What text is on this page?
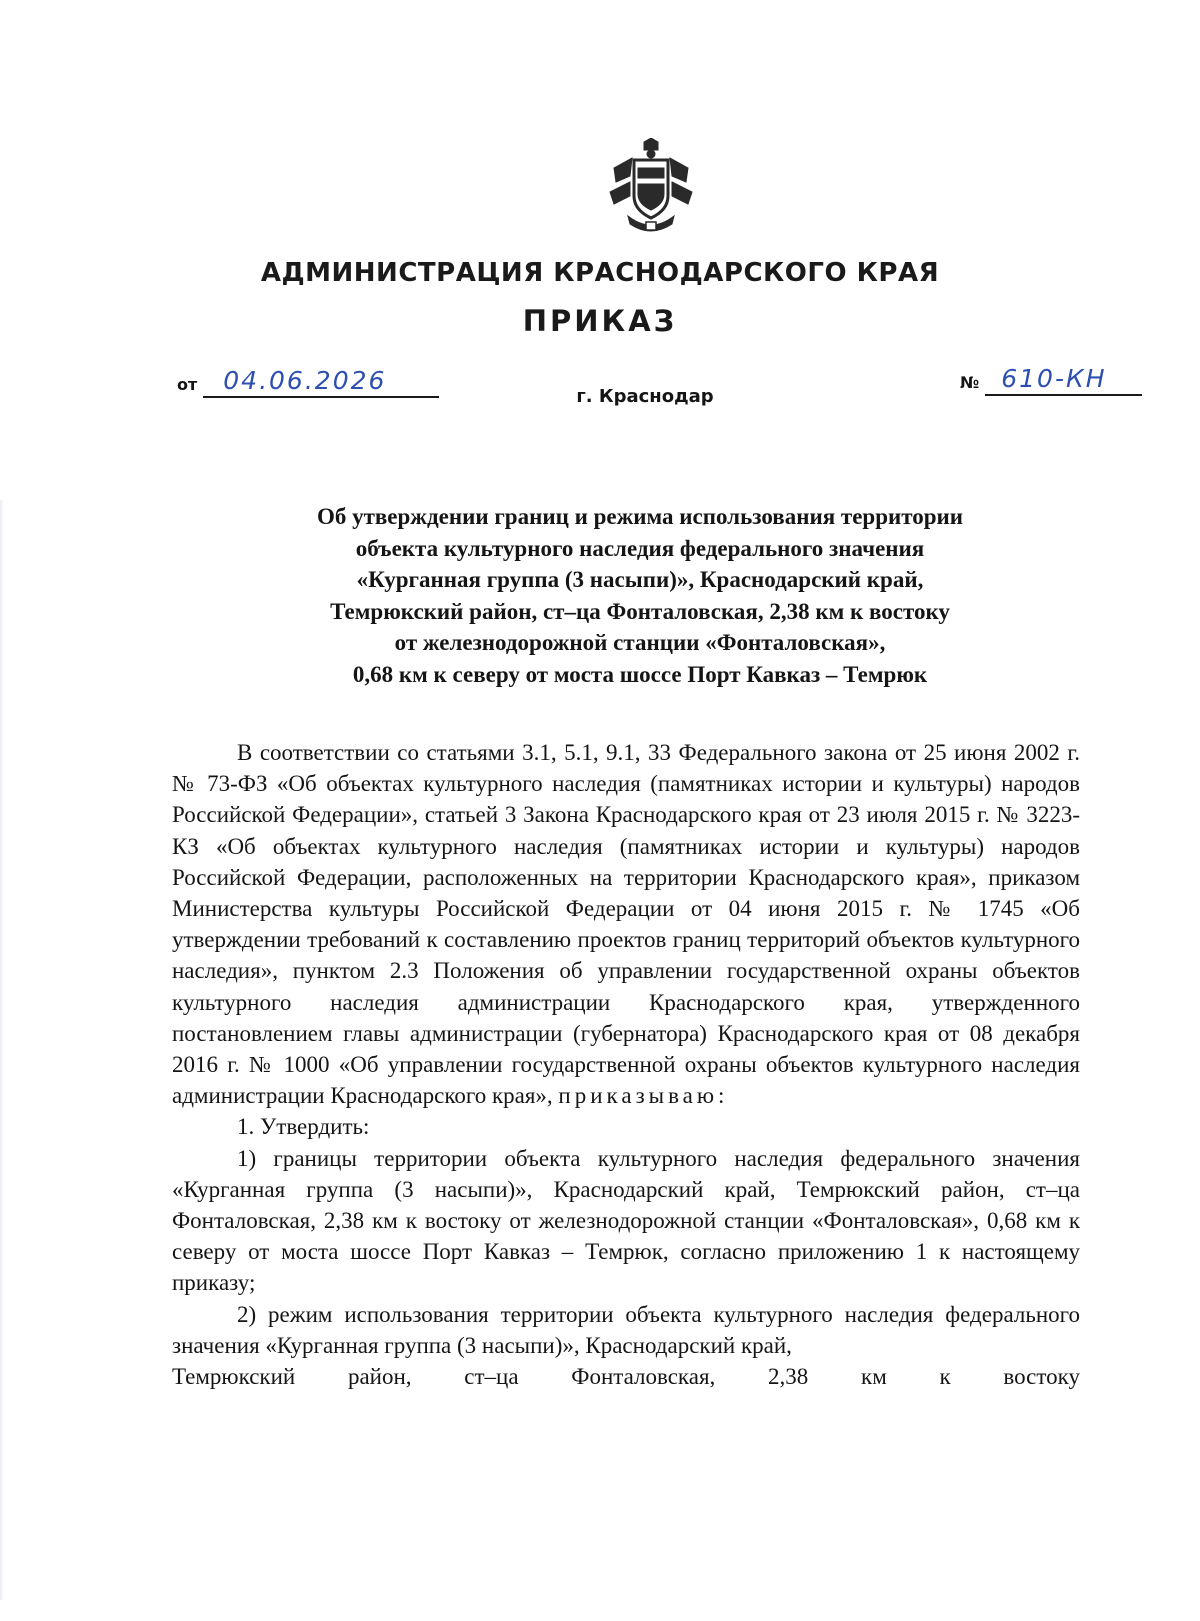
АДМИНИСТРАЦИЯ КРАСНОДАРСКОГО КРАЯ
ПРИКАЗ
от	04.06.2026	№ 610-КН
г. Краснодар
Об утверждении границ и режима использования территории
объекта культурного наследия федерального значения
«Курганная группа (3 насыпи)», Краснодарский край,
Темрюкский район, ст–ца Фонталовская, 2,38 км к востоку
от железнодорожной станции «Фонталовская»,
0,68 км к северу от моста шоссе Порт Кавказ – Темрюк

В соответствии со статьями 3.1, 5.1, 9.1, 33 Федерального закона от 25 июня 2002 г. № 73-ФЗ «Об объектах культурного наследия (памятниках истории и культуры) народов Российской Федерации», статьей 3 Закона Краснодарского края от 23 июля 2015 г. № 3223-КЗ «Об объектах культурного наследия (памятниках истории и культуры) народов Российской Федерации, расположенных на территории Краснодарского края», приказом Министерства культуры Российской Федерации от 04 июня 2015 г. № 1745 «Об утверждении требований к составлению проектов границ территорий объектов культурного наследия», пунктом 2.3 Положения об управлении государственной охраны объектов культурного наследия администрации Краснодарского края, утвержденного постановлением главы администрации (губернатора) Краснодарского края от 08 декабря 2016 г. № 1000 «Об управлении государственной охраны объектов культурного наследия администрации Краснодарского края», приказываю:

1. Утвердить:

1) границы территории объекта культурного наследия федерального значения «Курганная группа (3 насыпи)», Краснодарский край, Темрюкский район, ст–ца Фонталовская, 2,38 км к востоку от железнодорожной станции «Фонталовская», 0,68 км к северу от моста шоссе Порт Кавказ – Темрюк, согласно приложению 1 к настоящему приказу;

2) режим использования территории объекта культурного наследия федерального значения «Курганная группа (3 насыпи)», Краснодарский край,

Темрюкский район, ст–ца Фонталовская, 2,38 км к востоку
